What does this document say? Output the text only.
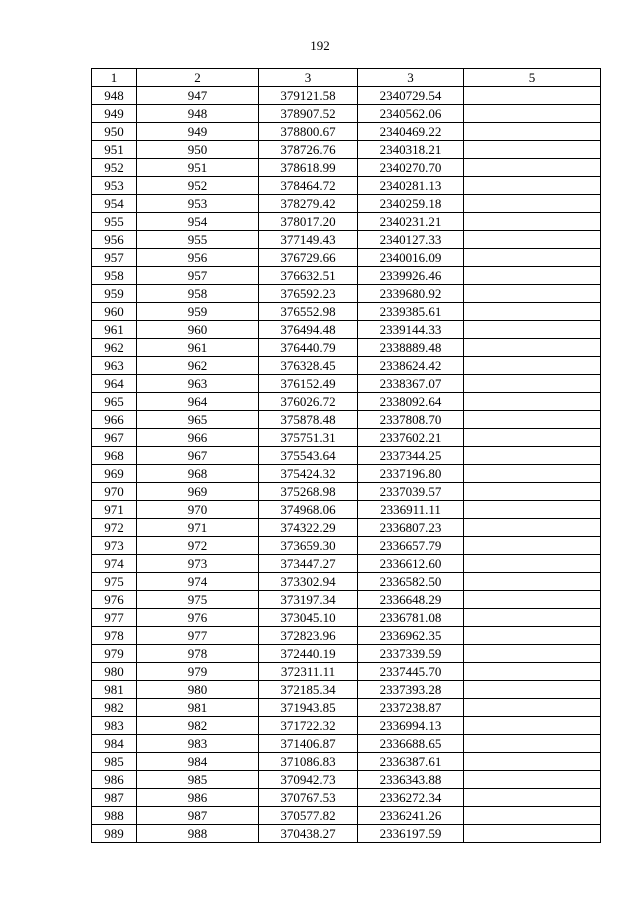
192
1	2	3	3	5
948	947	379121.58	2340729.54	
949	948	378907.52	2340562.06	
950	949	378800.67	2340469.22	
951	950	378726.76	2340318.21	
952	951	378618.99	2340270.70	
953	952	378464.72	2340281.13	
954	953	378279.42	2340259.18	
955	954	378017.20	2340231.21	
956	955	377149.43	2340127.33	
957	956	376729.66	2340016.09	
958	957	376632.51	2339926.46	
959	958	376592.23	2339680.92	
960	959	376552.98	2339385.61	
961	960	376494.48	2339144.33	
962	961	376440.79	2338889.48	
963	962	376328.45	2338624.42	
964	963	376152.49	2338367.07	
965	964	376026.72	2338092.64	
966	965	375878.48	2337808.70	
967	966	375751.31	2337602.21	
968	967	375543.64	2337344.25	
969	968	375424.32	2337196.80	
970	969	375268.98	2337039.57	
971	970	374968.06	2336911.11	
972	971	374322.29	2336807.23	
973	972	373659.30	2336657.79	
974	973	373447.27	2336612.60	
975	974	373302.94	2336582.50	
976	975	373197.34	2336648.29	
977	976	373045.10	2336781.08	
978	977	372823.96	2336962.35	
979	978	372440.19	2337339.59	
980	979	372311.11	2337445.70	
981	980	372185.34	2337393.28	
982	981	371943.85	2337238.87	
983	982	371722.32	2336994.13	
984	983	371406.87	2336688.65	
985	984	371086.83	2336387.61	
986	985	370942.73	2336343.88	
987	986	370767.53	2336272.34	
988	987	370577.82	2336241.26	
989	988	370438.27	2336197.59	
